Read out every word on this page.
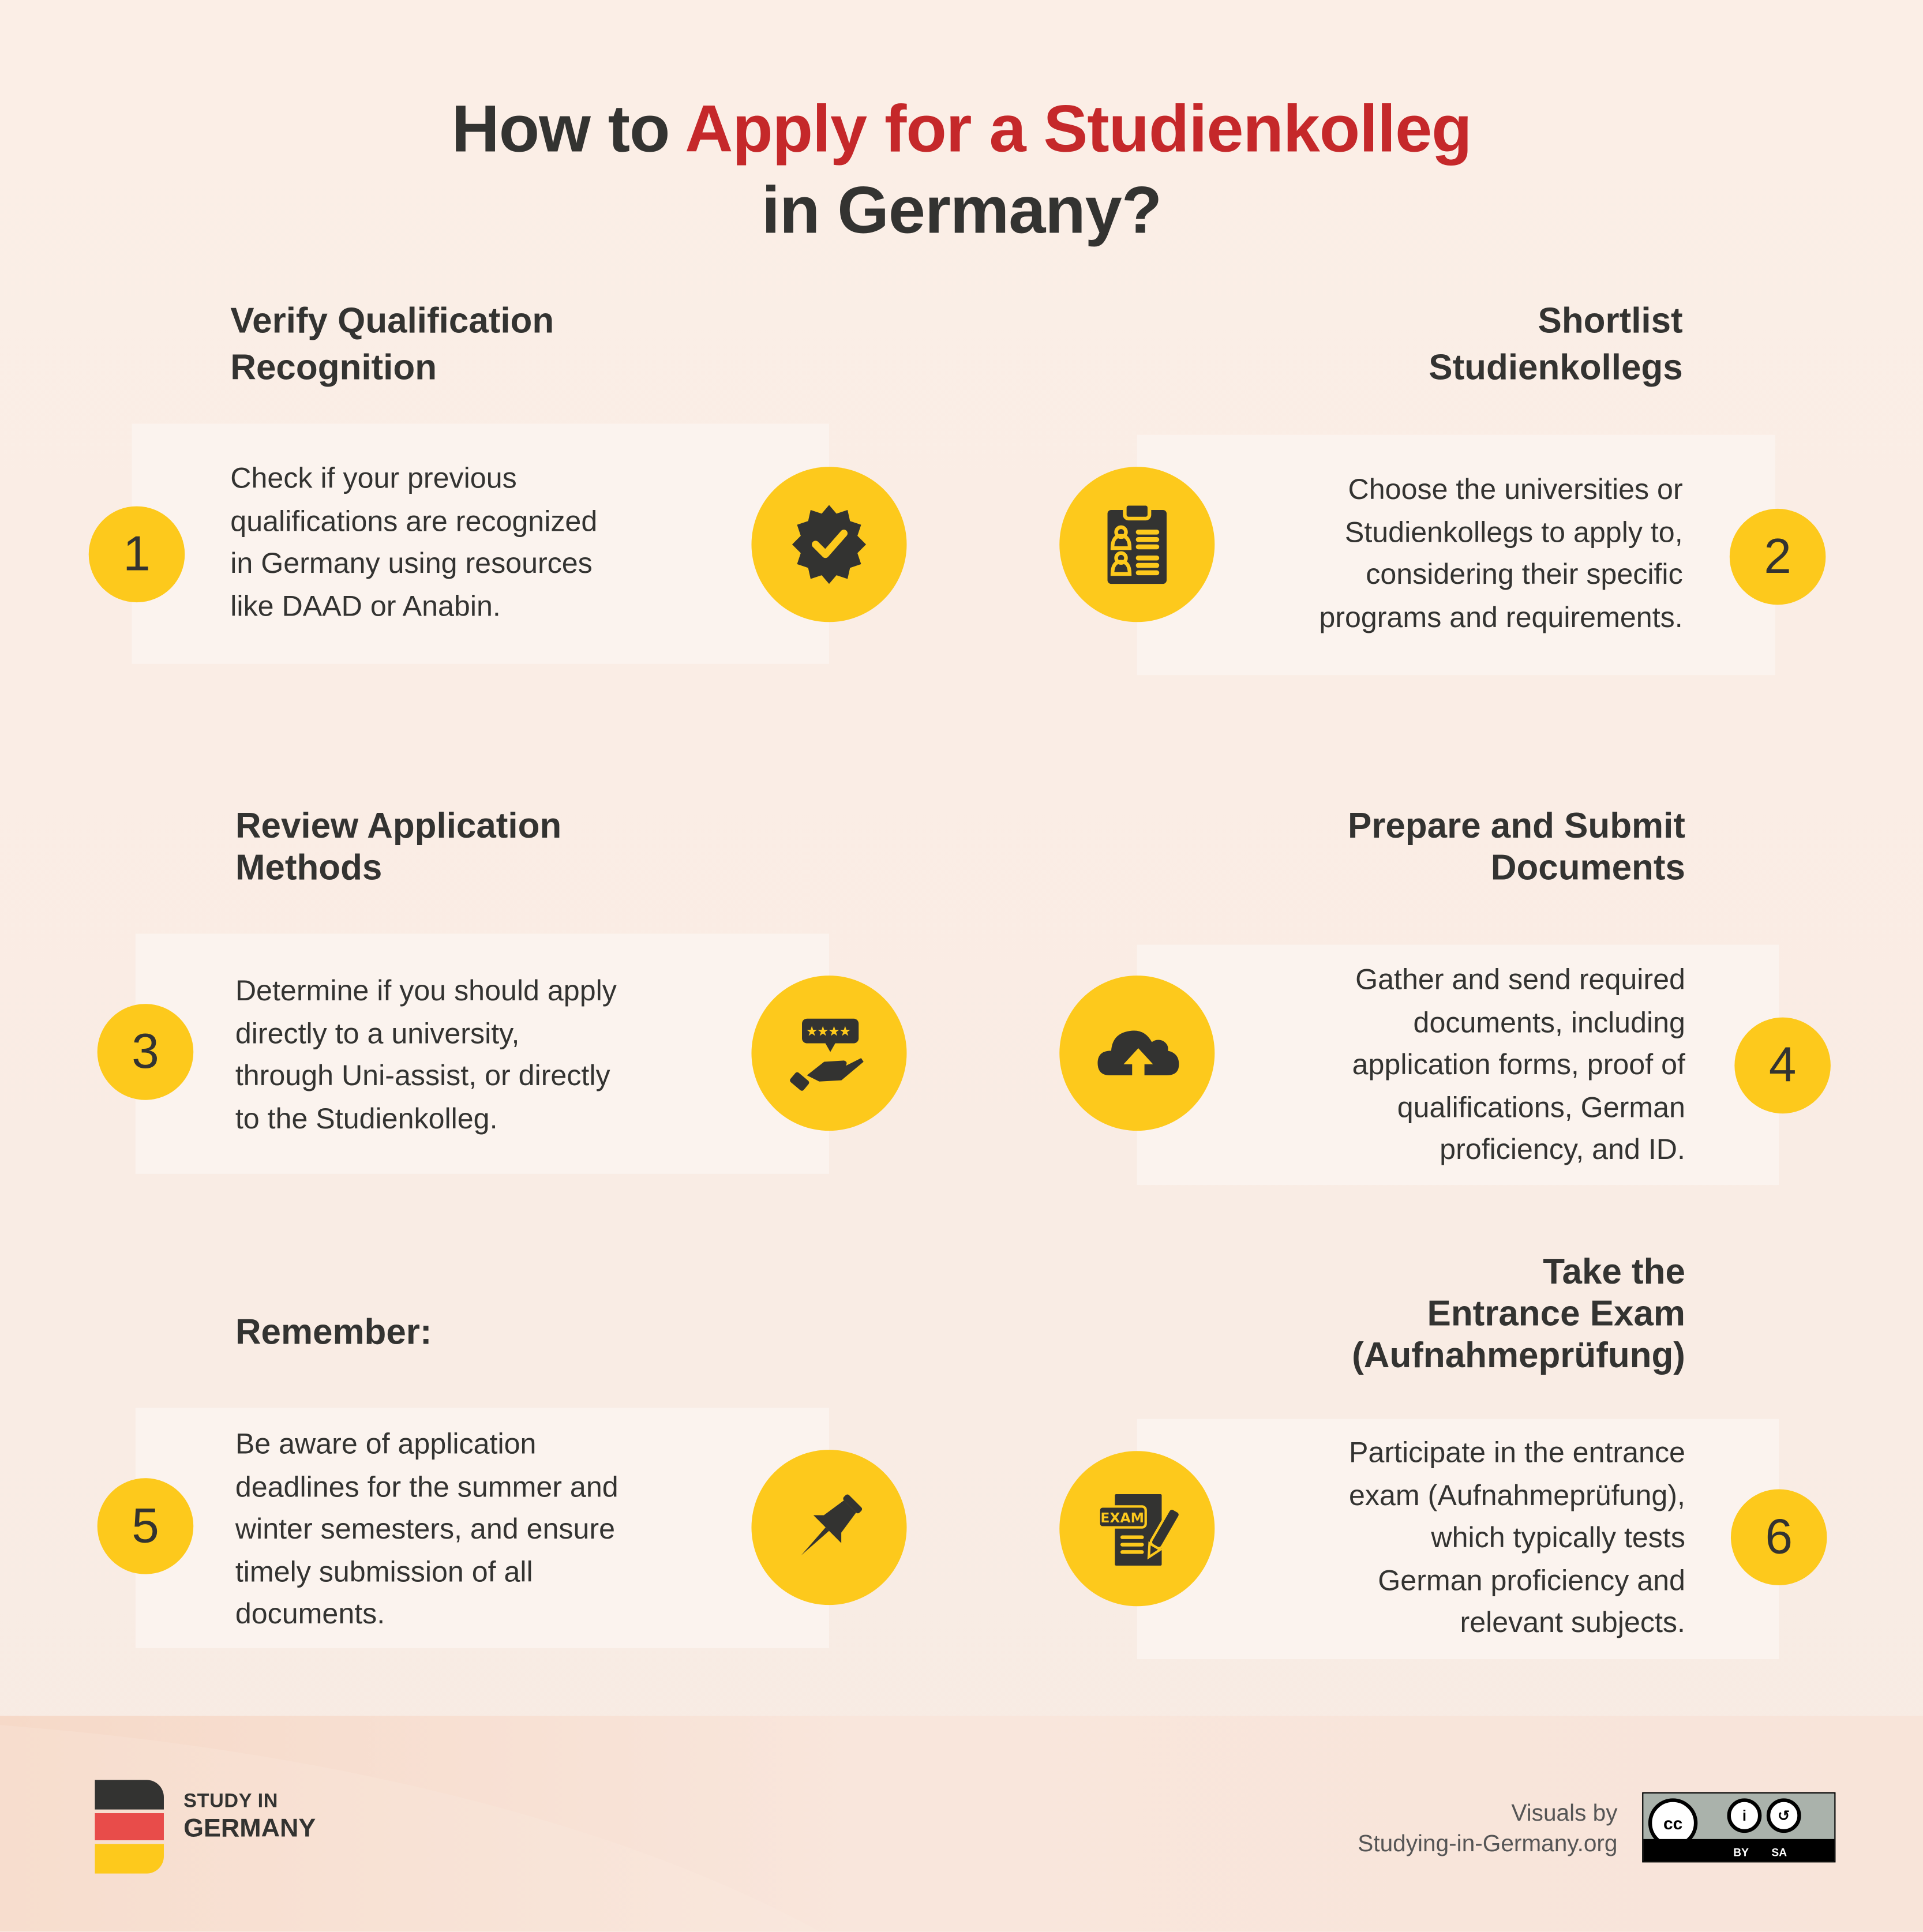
How to Apply for a Studienkolleg
in Germany?
Verify Qualification
Recognition
Check if your previous
qualifications are recognized
in Germany using resources
like DAAD or Anabin.
1
Shortlist
Studienkollegs
Choose the universities or
Studienkollegs to apply to,
considering their specific
programs and requirements.
2
Review Application
Methods
Determine if you should apply
directly to a university,
through Uni-assist, or directly
to the Studienkolleg.
3	★
★
★
★
Prepare and Submit
Documents
Gather and send required
documents, including
application forms, proof of
qualifications, German
proficiency, and ID.
4
Remember:
Be aware of application
deadlines for the summer and
winter semesters, and ensure
timely submission of all
documents.
5
Take the
Entrance Exam
(Aufnahmeprüfung)
Participate in the entrance
exam (Aufnahmeprüfung),
which typically tests
German proficiency and
relevant subjects.
6
EXAM
STUDY IN
GERMANY
Visuals by
Studying-in-Germany.org
cc	i	↺
BY	SA
